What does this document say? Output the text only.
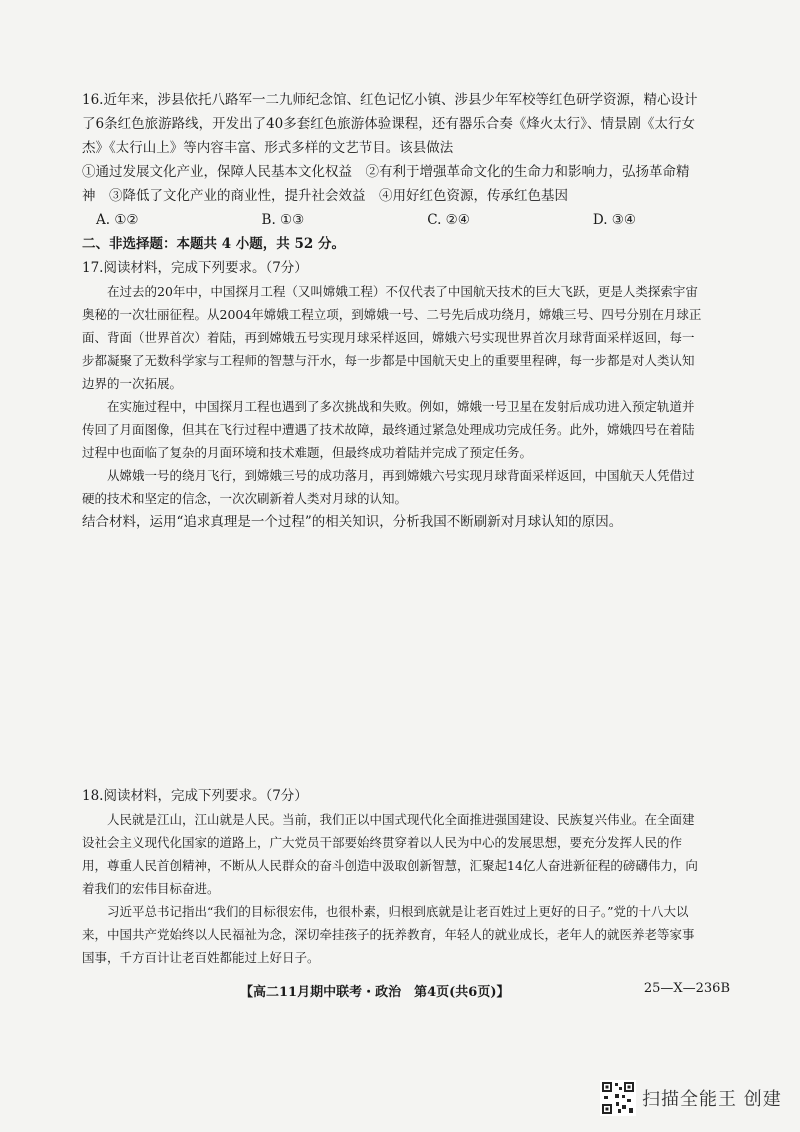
16.近年来，涉县依托八路军一二九师纪念馆、红色记忆小镇、涉县少年军校等红色研学资源，精心设计了6条红色旅游路线，开发出了40多套红色旅游体验课程，还有器乐合奏《烽火太行》、情景剧《太行女杰》《太行山上》等内容丰富、形式多样的文艺节目。该县做法

①通过发展文化产业，保障人民基本文化权益　②有利于增强革命文化的生命力和影响力，弘扬革命精神　③降低了文化产业的商业性，提升社会效益　④用好红色资源，传承红色基因

A. ①②	B. ①③	C. ②④	D. ③④
二、非选择题：本题共 4 小题，共 52 分。

17.阅读材料，完成下列要求。（7分）

在过去的20年中，中国探月工程（又叫嫦娥工程）不仅代表了中国航天技术的巨大飞跃，更是人类探索宇宙奥秘的一次壮丽征程。从2004年嫦娥工程立项，到嫦娥一号、二号先后成功绕月，嫦娥三号、四号分别在月球正面、背面（世界首次）着陆，再到嫦娥五号实现月球采样返回，嫦娥六号实现世界首次月球背面采样返回，每一步都凝聚了无数科学家与工程师的智慧与汗水，每一步都是中国航天史上的重要里程碑，每一步都是对人类认知边界的一次拓展。

在实施过程中，中国探月工程也遇到了多次挑战和失败。例如，嫦娥一号卫星在发射后成功进入预定轨道并传回了月面图像，但其在飞行过程中遭遇了技术故障，最终通过紧急处理成功完成任务。此外，嫦娥四号在着陆过程中也面临了复杂的月面环境和技术难题，但最终成功着陆并完成了预定任务。

从嫦娥一号的绕月飞行，到嫦娥三号的成功落月，再到嫦娥六号实现月球背面采样返回，中国航天人凭借过硬的技术和坚定的信念，一次次刷新着人类对月球的认知。

结合材料，运用“追求真理是一个过程”的相关知识，分析我国不断刷新对月球认知的原因。

18.阅读材料，完成下列要求。（7分）

人民就是江山，江山就是人民。当前，我们正以中国式现代化全面推进强国建设、民族复兴伟业。在全面建设社会主义现代化国家的道路上，广大党员干部要始终贯穿着以人民为中心的发展思想，要充分发挥人民的作用，尊重人民首创精神，不断从人民群众的奋斗创造中汲取创新智慧，汇聚起14亿人奋进新征程的磅礴伟力，向着我们的宏伟目标奋进。

习近平总书记指出“我们的目标很宏伟，也很朴素，归根到底就是让老百姓过上更好的日子。”党的十八大以来，中国共产党始终以人民福祉为念，深切牵挂孩子的抚养教育，年轻人的就业成长，老年人的就医养老等家事国事，千方百计让老百姓都能过上好日子。

【高二11月期中联考・政治　第4页(共6页)】	25—X—236B
扫描全能王 创建
